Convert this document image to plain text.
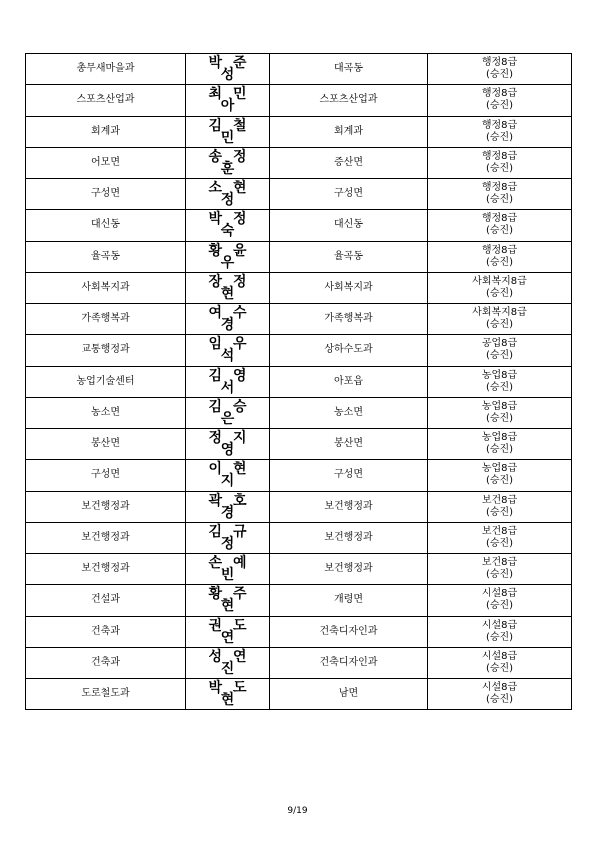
총무새마을과	박준성	대곡동	행정8급
(승진)

스포츠산업과	최민아	스포츠산업과	행정8급
(승진)

회계과	김철민	회계과	행정8급
(승진)

어모면	송정훈	증산면	행정8급
(승진)

구성면	소현정	구성면	행정8급
(승진)

대신동	박정숙	대신동	행정8급
(승진)

율곡동	황윤우	율곡동	행정8급
(승진)

사회복지과	장정현	사회복지과	사회복지8급
(승진)

가족행복과	여수경	가족행복과	사회복지8급
(승진)

교통행정과	임우석	상하수도과	공업8급
(승진)

농업기술센터	김영서	아포읍	농업8급
(승진)

농소면	김승은	농소면	농업8급
(승진)

봉산면	정지영	봉산면	농업8급
(승진)

구성면	이현지	구성면	농업8급
(승진)

보건행정과	곽호경	보건행정과	보건8급
(승진)

보건행정과	김규정	보건행정과	보건8급
(승진)

보건행정과	손예빈	보건행정과	보건8급
(승진)

건설과	황주현	개령면	시설8급
(승진)

건축과	권도연	건축디자인과	시설8급
(승진)

건축과	성연진	건축디자인과	시설8급
(승진)

도로철도과	박도현	남면	시설8급
(승진)
9/19
